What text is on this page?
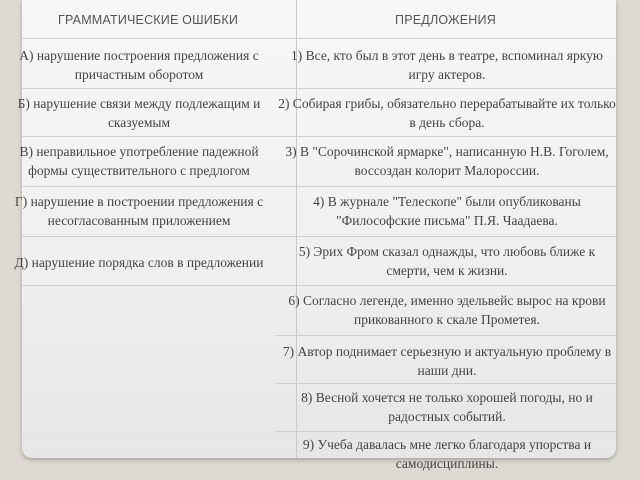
ГРАММАТИЧЕСКИЕ ОШИБКИ	ПРЕДЛОЖЕНИЯ
А) нарушение построения предложения с причастным оборотом
Б) нарушение связи между подлежащим и сказуемым
В) неправильное употребление падежной формы существительного с предлогом
Г) нарушение в построении предложения с несогласованным приложением
Д) нарушение порядка слов в предложении
1) Все, кто был в этот день в театре, вспоминал яркую игру актеров.
2) Собирая грибы, обязательно перерабатывайте их только в день сбора.
3) В "Сорочинской ярмарке", написанную Н.В. Гоголем, воссоздан колорит Малороссии.
4) В журнале "Телескопе" были опубликованы "Философские письма" П.Я. Чаадаева.
5) Эрих Фром сказал однажды, что любовь ближе к смерти, чем к жизни.
6) Согласно легенде, именно эдельвейс вырос на крови прикованного к скале Прометея.
7) Автор поднимает серьезную и актуальную проблему в наши дни.
8) Весной хочется не только хорошей погоды, но и радостных событий.
9) Учеба давалась мне легко благодаря упорства и самодисциплины.
